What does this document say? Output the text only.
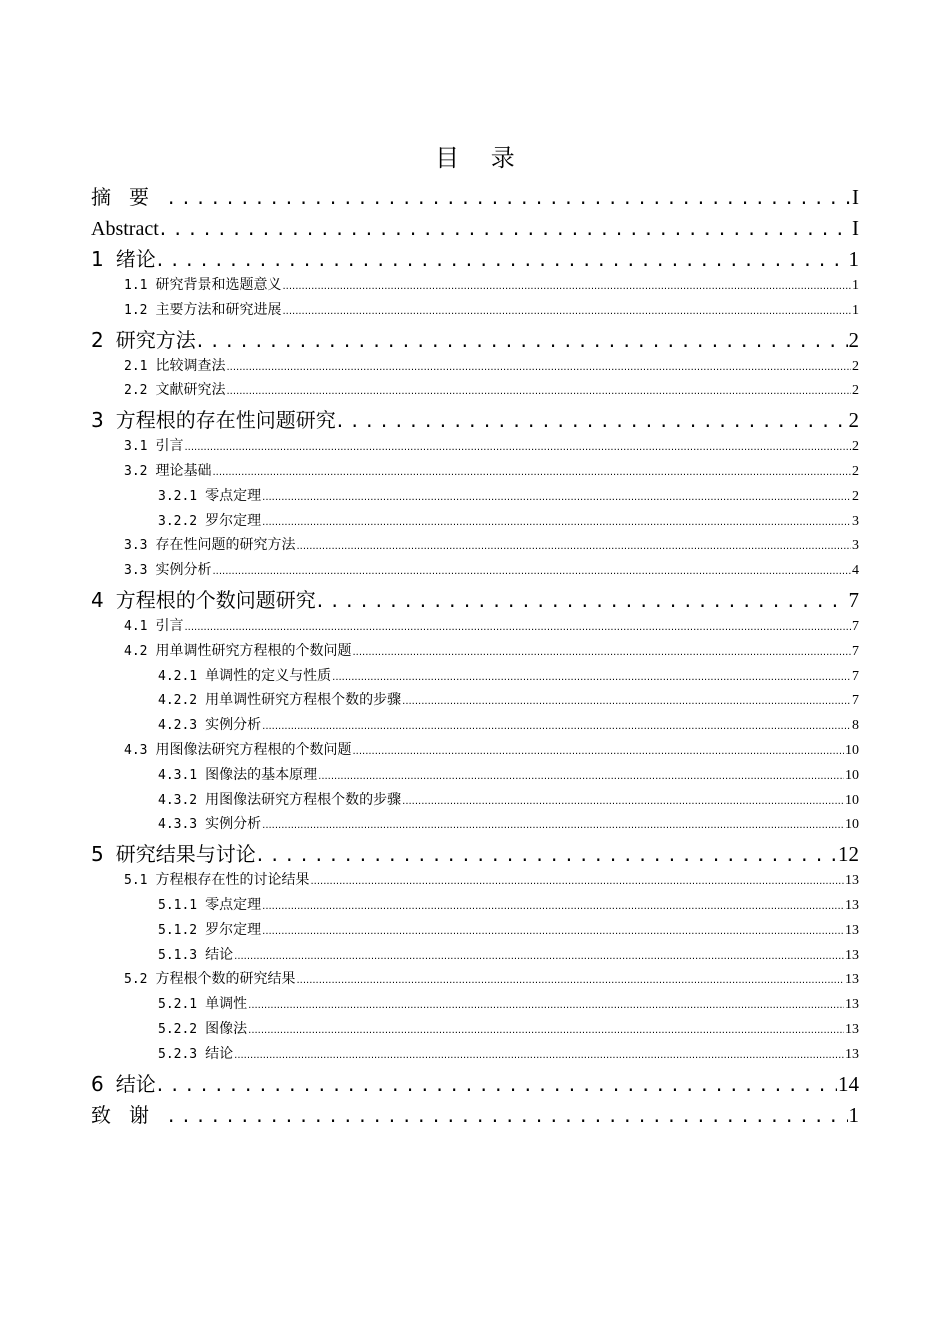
目 录
摘要 . . .	I
Abstract . . .	I
1 绪论 . . .	1
1.1 研究背景和选题意义 .....	1
1.2 主要方法和研究进展 .....	1
2 研究方法 . . .	2
2.1 比较调查法 .....	2
2.2 文献研究法 .....	2
3 方程根的存在性问题研究 . . .	2
3.1 引言 .....	2
3.2 理论基础 .....	2
3.2.1 零点定理 .....	2
3.2.2 罗尔定理 .....	3
3.3 存在性问题的研究方法 .....	3
3.3 实例分析 .....	4
4 方程根的个数问题研究 . . .	7
4.1 引言 .....	7
4.2 用单调性研究方程根的个数问题 .....	7
4.2.1 单调性的定义与性质 .....	7
4.2.2 用单调性研究方程根个数的步骤 .....	7
4.2.3 实例分析 .....	8
4.3 用图像法研究方程根的个数问题 .....	10
4.3.1 图像法的基本原理 .....	10
4.3.2 用图像法研究方程根个数的步骤 .....	10
4.3.3 实例分析 .....	10
5 研究结果与讨论 . . .	12
5.1 方程根存在性的讨论结果 .....	13
5.1.1 零点定理 .....	13
5.1.2 罗尔定理 .....	13
5.1.3 结论 .....	13
5.2 方程根个数的研究结果 .....	13
5.2.1 单调性 .....	13
5.2.2 图像法 .....	13
5.2.3 结论 .....	13
6 结论 . . .	14
致谢 . . .	1
